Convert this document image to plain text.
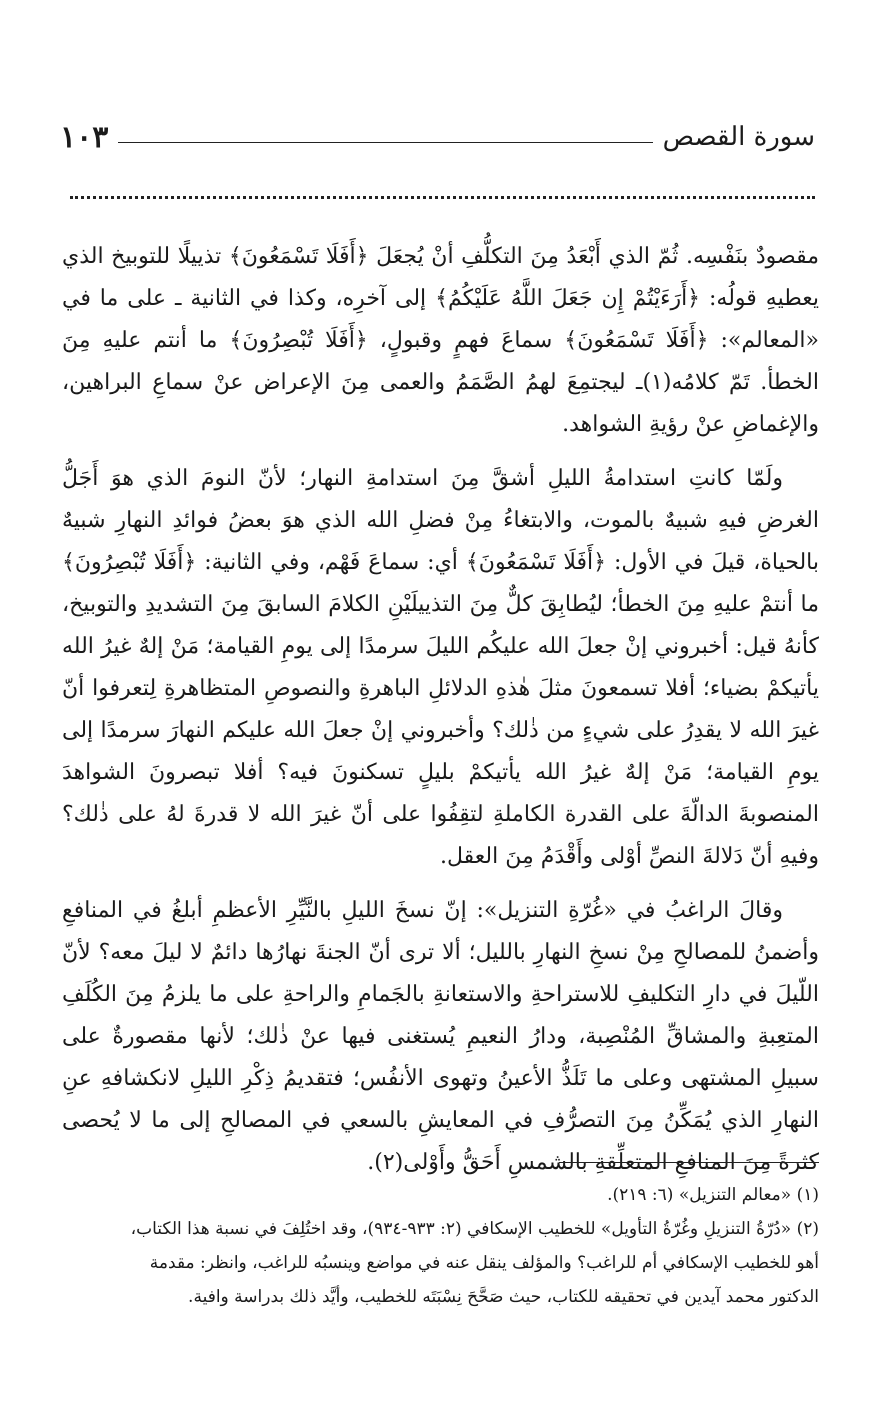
سورة القصص
١٠٣

مقصودٌ بنَفْسِه. ثُمّ الذي أَبْعَدُ مِنَ التكلُّفِ أنْ يُجعَلَ ﴿أَفَلَا تَسْمَعُونَ﴾ تذييلًا للتوبيخ الذي يعطيهِ قولُه: ﴿أَرَءَيْتُمْ إِن جَعَلَ اللَّهُ عَلَيْكُمُ﴾ إلى آخرِه، وكذا في الثانية ـ على ما في «المعالم»: ﴿أَفَلَا تَسْمَعُونَ﴾ سماعَ فهمٍ وقبولٍ، ﴿أَفَلَا تُبْصِرُونَ﴾ ما أنتم عليهِ مِنَ الخطأ. تَمّ كلامُه(١)ـ ليجتمِعَ لهمُ الصَّمَمُ والعمى مِنَ الإعراض عنْ سماعِ البراهين، والإغماضِ عنْ رؤيةِ الشواهد.

ولَمّا كانتِ استدامةُ الليلِ أشقَّ مِنَ استدامةِ النهار؛ لأنّ النومَ الذي هوَ أَجَلُّ الغرضِ فيهِ شبيهٌ بالموت، والابتغاءُ مِنْ فضلِ الله الذي هوَ بعضُ فوائدِ النهارِ شبيهٌ بالحياة، قيلَ في الأول: ﴿أَفَلَا تَسْمَعُونَ﴾ أي: سماعَ فَهْم، وفي الثانية: ﴿أَفَلَا تُبْصِرُونَ﴾ ما أنتمْ عليهِ مِنَ الخطأ؛ ليُطابِقَ كلٌّ مِنَ التذييلَيْنِ الكلامَ السابقَ مِنَ التشديدِ والتوبيخ، كأنهُ قيل: أخبروني إنْ جعلَ الله عليكُم الليلَ سرمدًا إلى يومِ القيامة؛ مَنْ إلهٌ غيرُ الله يأتيكمْ بضياء؛ أفلا تسمعونَ مثلَ هٰذهِ الدلائلِ الباهرةِ والنصوصِ المتظاهرةِ لِتعرفوا أنّ غيرَ الله لا يقدِرُ على شيءٍ من ذٰلك؟ وأخبروني إنْ جعلَ الله عليكم النهارَ سرمدًا إلى يومِ القيامة؛ مَنْ إلهٌ غيرُ الله يأتيكمْ بليلٍ تسكنونَ فيه؟ أفلا تبصرونَ الشواهدَ المنصوبةَ الدالّةَ على القدرة الكاملةِ لتقِفُوا على أنّ غيرَ الله لا قدرةَ لهُ على ذٰلك؟ وفيهِ أنّ دَلالةَ النصِّ أوْلى وأَقْدَمُ مِنَ العقل.

وقالَ الراغبُ في «غُرّةِ التنزيل»: إنّ نسخَ الليلِ بالنَّيِّرِ الأعظمِ أبلغُ في المنافعِ وأضمنُ للمصالحِ مِنْ نسخِ النهارِ بالليل؛ ألا ترى أنّ الجنةَ نهارُها دائمٌ لا ليلَ معه؟ لأنّ اللّيلَ في دارِ التكليفِ للاستراحةِ والاستعانةِ بالجَمامِ والراحةِ على ما يلزمُ مِنَ الكُلَفِ المتعِبةِ والمشاقِّ المُنْصِبة، ودارُ النعيمِ يُستغنى فيها عنْ ذٰلك؛ لأنها مقصورةٌ على سبيلِ المشتهى وعلى ما تَلَذُّ الأعينُ وتهوى الأنفُس؛ فتقديمُ ذِكْرِ الليلِ لانكشافهِ عنِ النهارِ الذي يُمَكِّنُ مِنَ التصرُّفِ في المعايشِ بالسعي في المصالحِ إلى ما لا يُحصى كثرةً مِنَ المنافعِ المتعلِّقةِ بالشمسِ أَحَقُّ وأَوْلى(٢).

(١) «معالم التنزيل» (٦: ٢١٩).

(٢) «دُرّةُ التنزيلِ وغُرّةُ التأويل» للخطيب الإسكافي (٢: ٩٣٣-٩٣٤)، وقد اختُلِفَ في نسبة هذا الكتاب،

أهو للخطيب الإسكافي أم للراغب؟ والمؤلف ينقل عنه في مواضع وينسبُه للراغب، وانظر: مقدمة

الدكتور محمد آيدين في تحقيقه للكتاب، حيث صَحَّحَ نِسْبَتَه للخطيب، وأيَّد ذلك بدراسة وافية.
